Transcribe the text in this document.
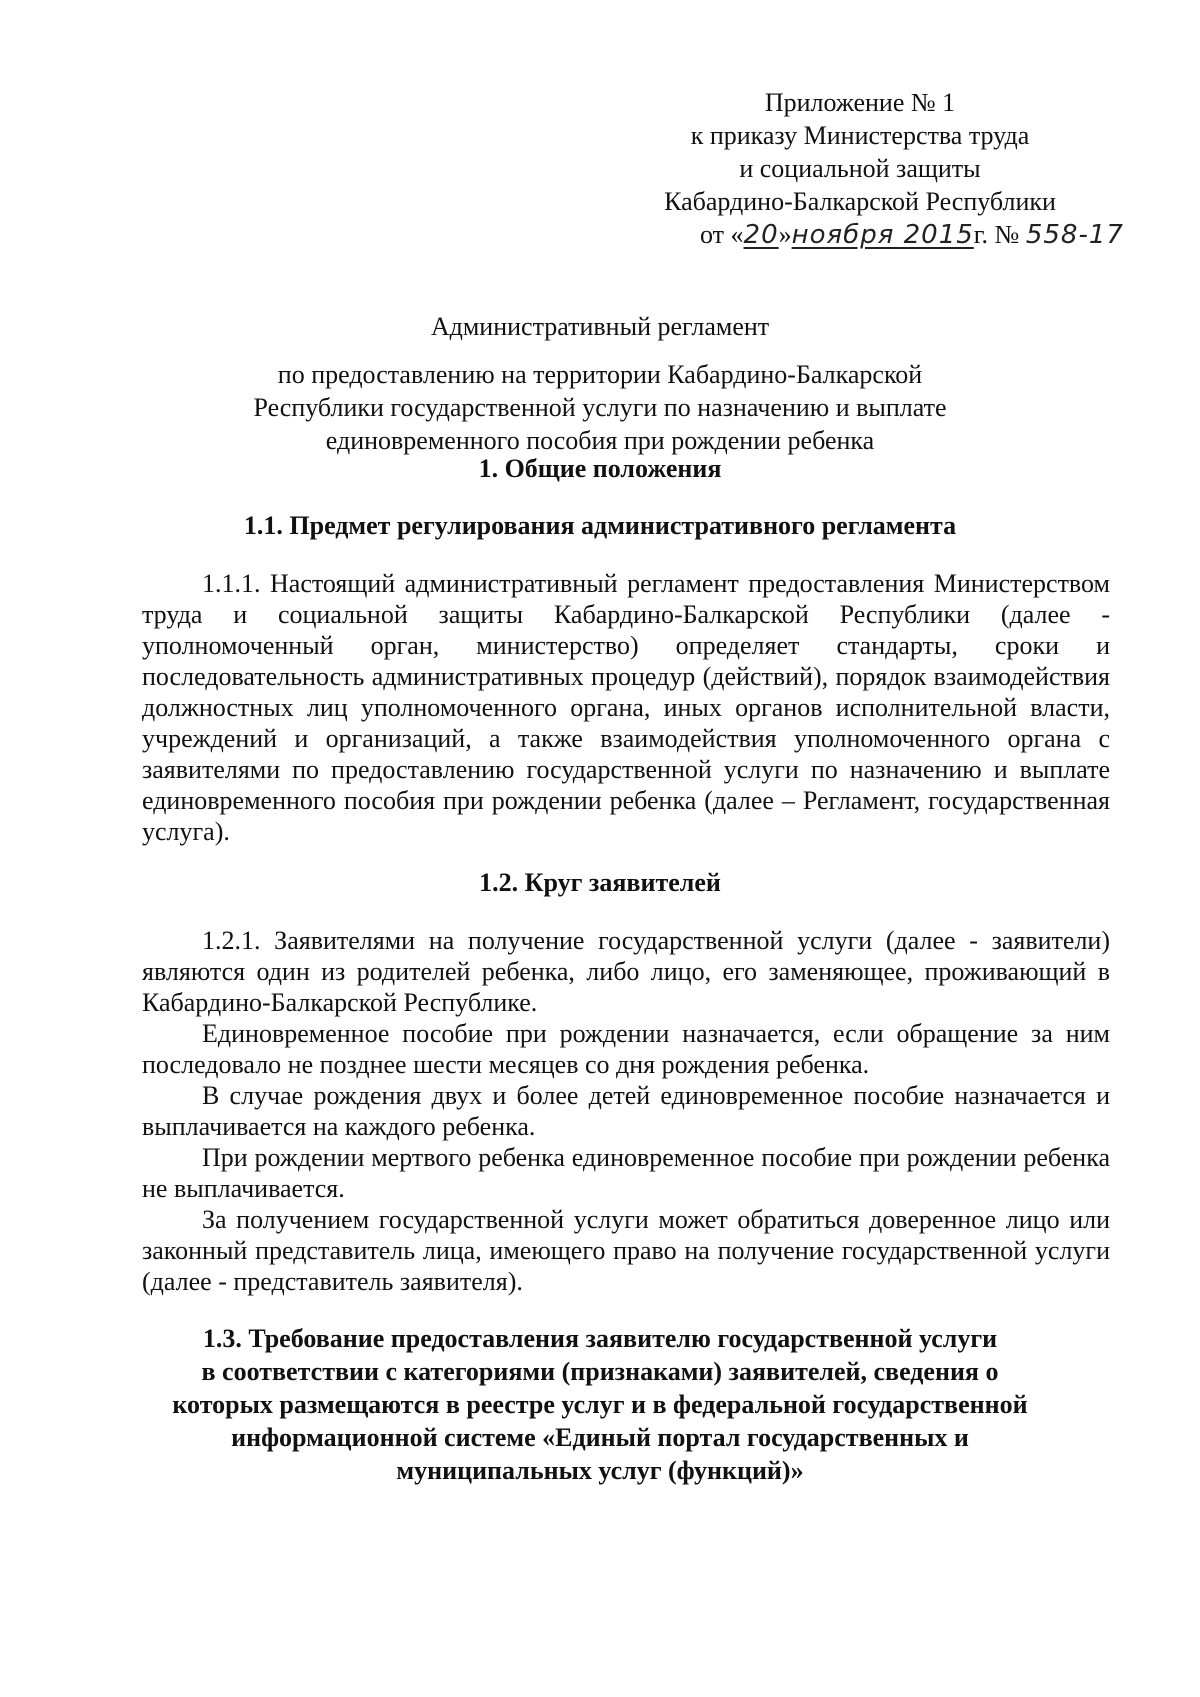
Приложение № 1
к приказу Министерства труда
и социальной защиты
Кабардино-Балкарской Республики
от «20»ноября 2015г. № 558-17
Административный регламент
по предоставлению на территории Кабардино-Балкарской
Республики государственной услуги по назначению и выплате
единовременного пособия при рождении ребенка
1. Общие положения
1.1. Предмет регулирования административного регламента
1.1.1. Настоящий административный регламент предоставления Министерством труда и социальной защиты Кабардино-Балкарской Республики (далее - уполномоченный орган, министерство) определяет стандарты, сроки и последовательность административных процедур (действий), порядок взаимодействия должностных лиц уполномоченного органа, иных органов исполнительной власти, учреждений и организаций, а также взаимодействия уполномоченного органа с заявителями по предоставлению государственной услуги по назначению и выплате единовременного пособия при рождении ребенка (далее – Регламент, государственная услуга).
1.2. Круг заявителей
1.2.1. Заявителями на получение государственной услуги (далее - заявители) являются один из родителей ребенка, либо лицо, его заменяющее, проживающий в Кабардино-Балкарской Республике.
Единовременное пособие при рождении назначается, если обращение за ним последовало не позднее шести месяцев со дня рождения ребенка.
В случае рождения двух и более детей единовременное пособие назначается и выплачивается на каждого ребенка.
При рождении мертвого ребенка единовременное пособие при рождении ребенка не выплачивается.
За получением государственной услуги может обратиться доверенное лицо или законный представитель лица, имеющего право на получение государственной услуги (далее - представитель заявителя).
1.3. Требование предоставления заявителю государственной услуги
в соответствии с категориями (признаками) заявителей, сведения о
которых размещаются в реестре услуг и в федеральной государственной
информационной системе «Единый портал государственных и
муниципальных услуг (функций)»
